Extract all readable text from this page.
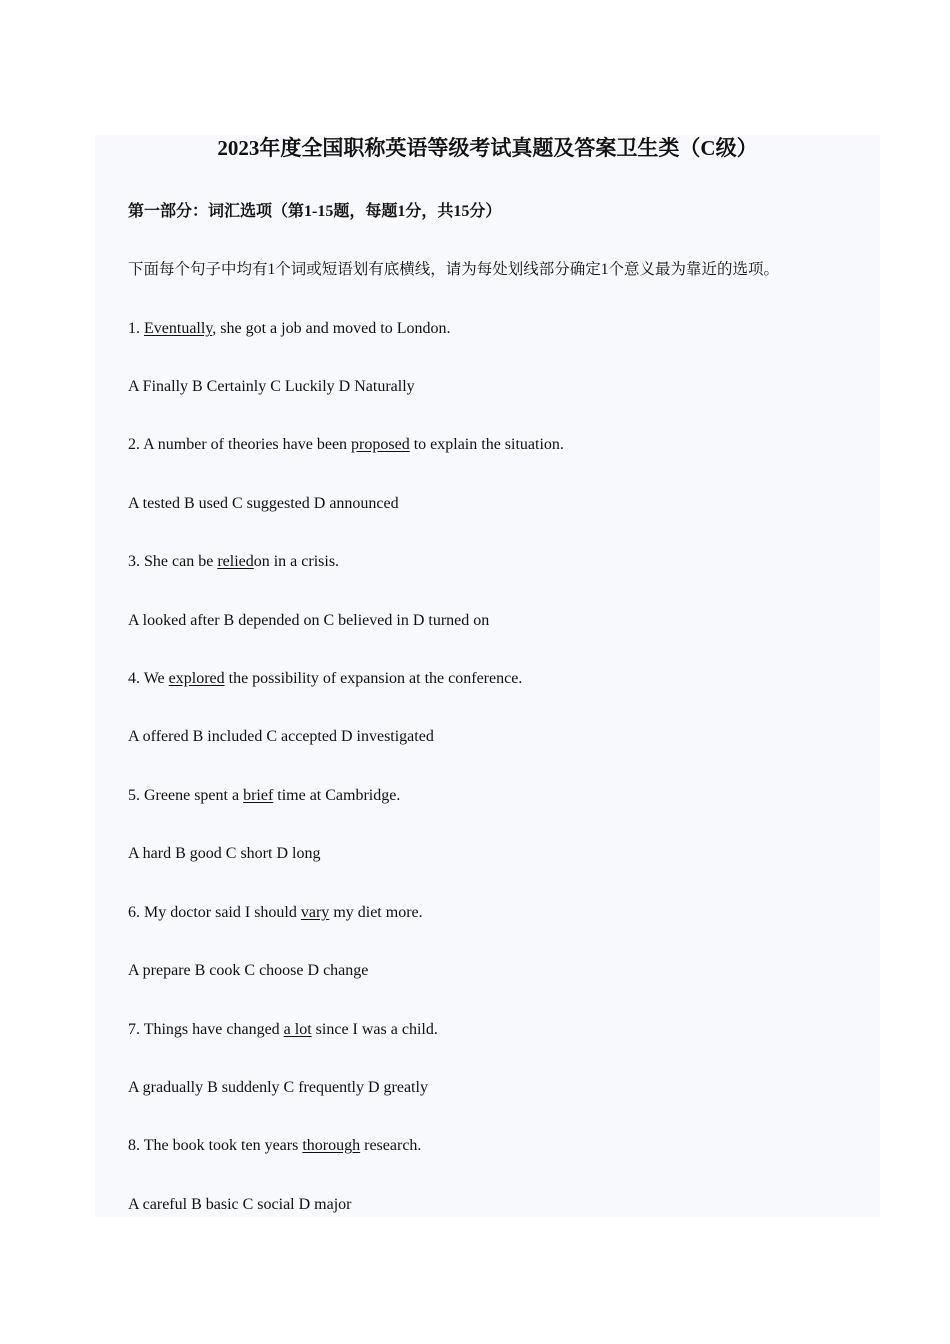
2023年度全国职称英语等级考试真题及答案卫生类（C级）
第一部分：词汇选项（第1-15题，每题1分，共15分）
下面每个句子中均有1个词或短语划有底横线，请为每处划线部分确定1个意义最为靠近的选项。
1. Eventually, she got a job and moved to London.
A Finally B Certainly C Luckily D Naturally
2. A number of theories have been proposed to explain the situation.
A tested B used C suggested D announced
3. She can be reliedon in a crisis.
A looked after B depended on C believed in D turned on
4. We explored the possibility of expansion at the conference.
A offered B included C accepted D investigated
5. Greene spent a brief time at Cambridge.
A hard B good C short D long
6. My doctor said I should vary my diet more.
A prepare B cook C choose D change
7. Things have changed a lot since I was a child.
A gradually B suddenly C frequently D greatly
8. The book took ten years thorough research.
A careful B basic C social D major
